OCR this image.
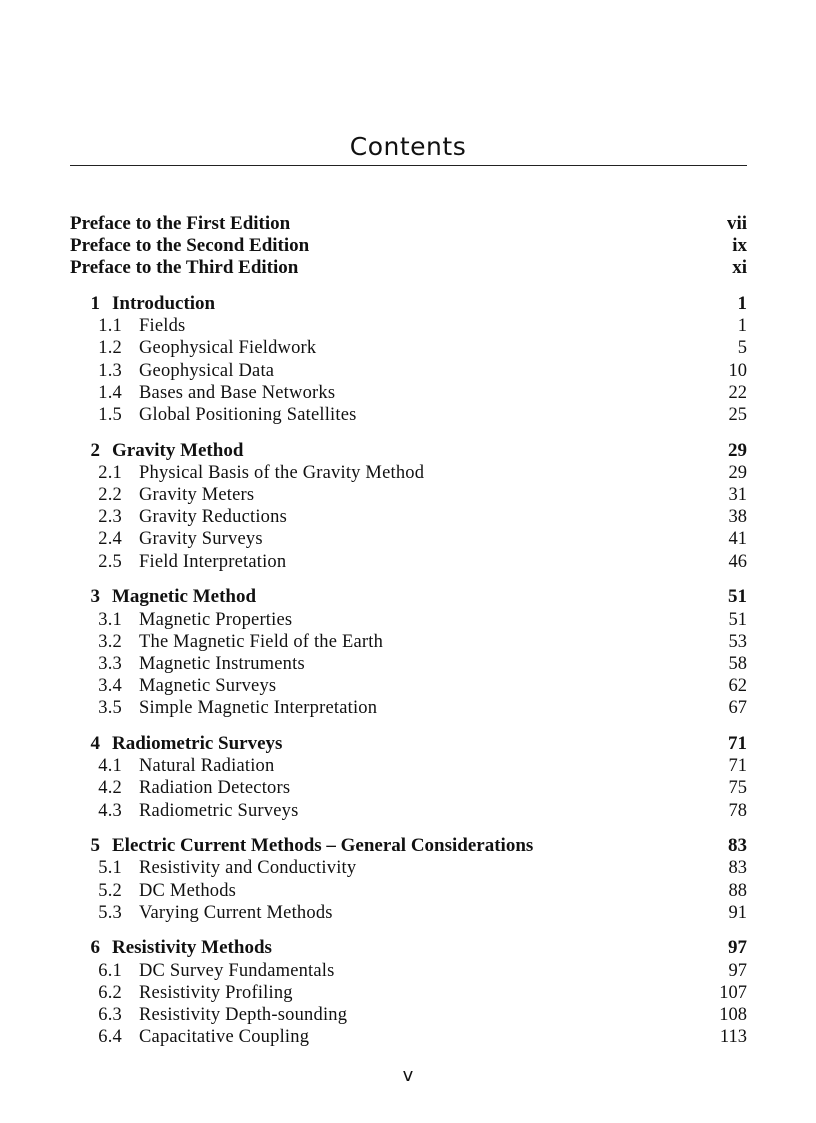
Contents
Preface to the First Edition	vii
Preface to the Second Edition	ix
Preface to the Third Edition	xi
1 Introduction	1
1.1 Fields	1
1.2 Geophysical Fieldwork	5
1.3 Geophysical Data	10
1.4 Bases and Base Networks	22
1.5 Global Positioning Satellites	25
2 Gravity Method	29
2.1 Physical Basis of the Gravity Method	29
2.2 Gravity Meters	31
2.3 Gravity Reductions	38
2.4 Gravity Surveys	41
2.5 Field Interpretation	46
3 Magnetic Method	51
3.1 Magnetic Properties	51
3.2 The Magnetic Field of the Earth	53
3.3 Magnetic Instruments	58
3.4 Magnetic Surveys	62
3.5 Simple Magnetic Interpretation	67
4 Radiometric Surveys	71
4.1 Natural Radiation	71
4.2 Radiation Detectors	75
4.3 Radiometric Surveys	78
5 Electric Current Methods – General Considerations	83
5.1 Resistivity and Conductivity	83
5.2 DC Methods	88
5.3 Varying Current Methods	91
6 Resistivity Methods	97
6.1 DC Survey Fundamentals	97
6.2 Resistivity Profiling	107
6.3 Resistivity Depth-sounding	108
6.4 Capacitative Coupling	113
v
